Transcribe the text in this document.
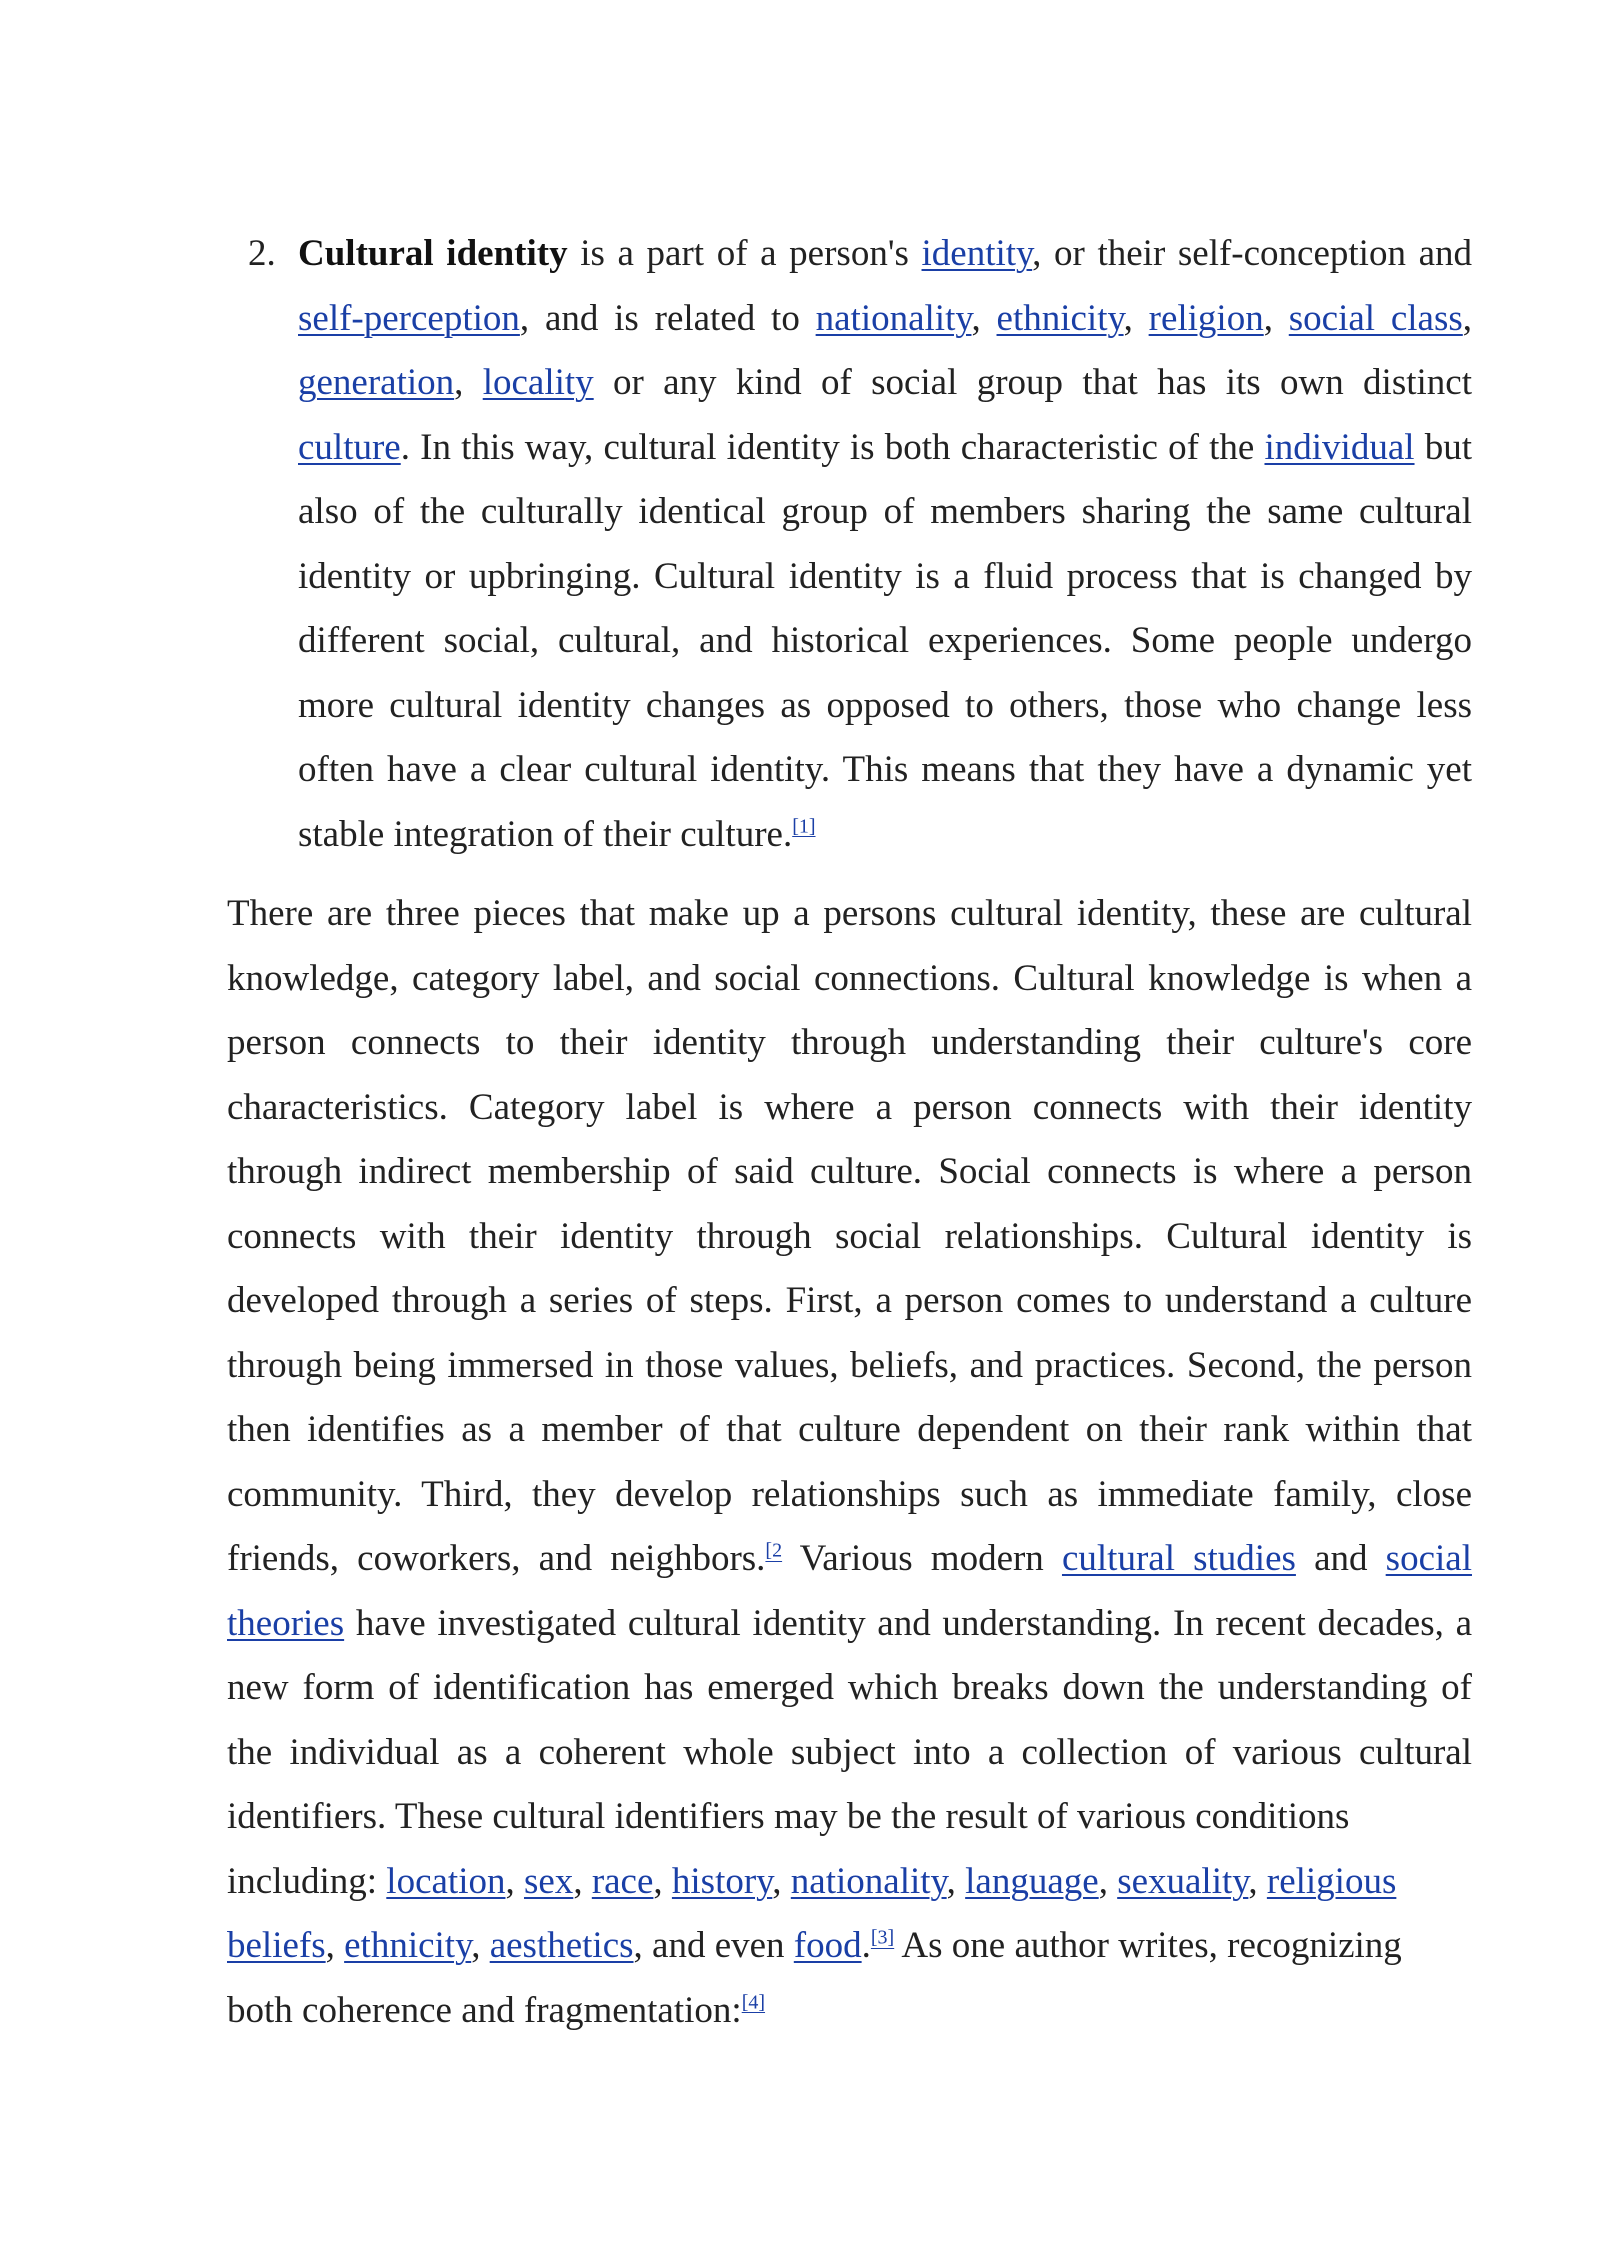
2. Cultural identity is a part of a person's identity, or their self-conception and self-perception, and is related to nationality, ethnicity, religion, social class, generation, locality or any kind of social group that has its own distinct culture. In this way, cultural identity is both characteristic of the individual but also of the culturally identical group of members sharing the same cultural identity or upbringing. Cultural identity is a fluid process that is changed by different social, cultural, and historical experiences. Some people undergo more cultural identity changes as opposed to others, those who change less often have a clear cultural identity. This means that they have a dynamic yet stable integration of their culture.[1]

There are three pieces that make up a persons cultural identity, these are cultural knowledge, category label, and social connections. Cultural knowledge is when a person connects to their identity through understanding their culture's core characteristics. Category label is where a person connects with their identity through indirect membership of said culture. Social connects is where a person connects with their identity through social relationships. Cultural identity is developed through a series of steps. First, a person comes to understand a culture through being immersed in those values, beliefs, and practices. Second, the person then identifies as a member of that culture dependent on their rank within that community. Third, they develop relationships such as immediate family, close friends, coworkers, and neighbors.$^{[2}$ Various modern cultural studies and social theories have investigated cultural identity and understanding. In recent decades, a new form of identification has emerged which breaks down the understanding of the individual as a coherent whole subject into a collection of various cultural identifiers. These cultural identifiers may be the result of various conditions
including: location, sex, race, history, nationality, language, sexuality, religious beliefs, ethnicity, aesthetics, and even food.[3] As one author writes, recognizing both coherence and fragmentation:[4]
